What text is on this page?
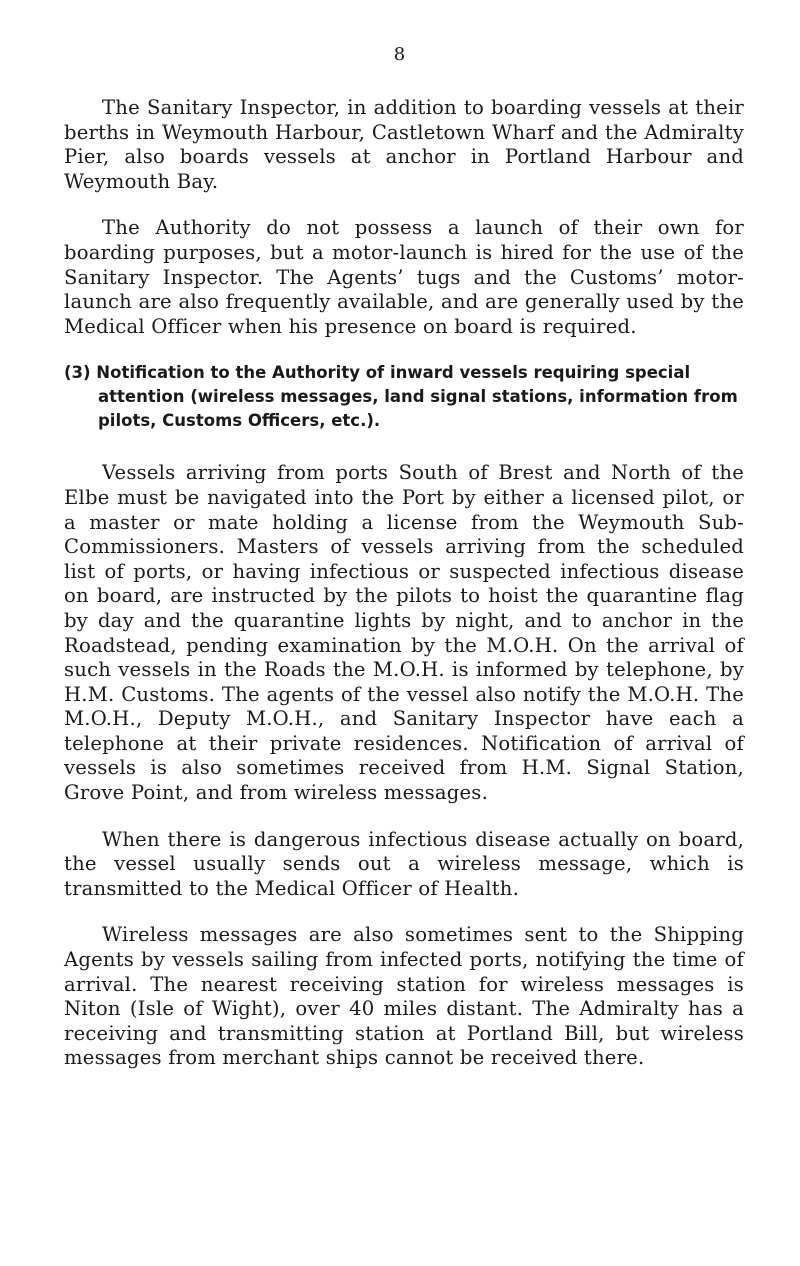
8

The Sanitary Inspector, in addition to boarding vessels at their berths in Weymouth Harbour, Castletown Wharf and the Admiralty Pier, also boards vessels at anchor in Portland Harbour and Weymouth Bay.

The Authority do not possess a launch of their own for boarding purposes, but a motor-launch is hired for the use of the Sanitary Inspector. The Agents’ tugs and the Customs’ motor-launch are also frequently available, and are generally used by the Medical Officer when his presence on board is required.

(3) Notification to the Authority of inward vessels requiring special attention (wireless messages, land signal stations, information from pilots, Customs Officers, etc.).

Vessels arriving from ports South of Brest and North of the Elbe must be navigated into the Port by either a licensed pilot, or a master or mate holding a license from the Weymouth Sub-Commissioners. Masters of vessels arriving from the scheduled list of ports, or having infectious or suspected infectious disease on board, are instructed by the pilots to hoist the quarantine flag by day and the quarantine lights by night, and to anchor in the Roadstead, pending examination by the M.O.H. On the arrival of such vessels in the Roads the M.O.H. is informed by telephone, by H.M. Customs. The agents of the vessel also notify the M.O.H. The M.O.H., Deputy M.O.H., and Sanitary Inspector have each a telephone at their private residences. Notification of arrival of vessels is also sometimes received from H.M. Signal Station, Grove Point, and from wireless messages.

When there is dangerous infectious disease actually on board, the vessel usually sends out a wireless message, which is transmitted to the Medical Officer of Health.

Wireless messages are also sometimes sent to the Shipping Agents by vessels sailing from infected ports, notifying the time of arrival. The nearest receiving station for wireless messages is Niton (Isle of Wight), over 40 miles distant. The Admiralty has a receiving and transmitting station at Portland Bill, but wireless messages from merchant ships cannot be received there.
